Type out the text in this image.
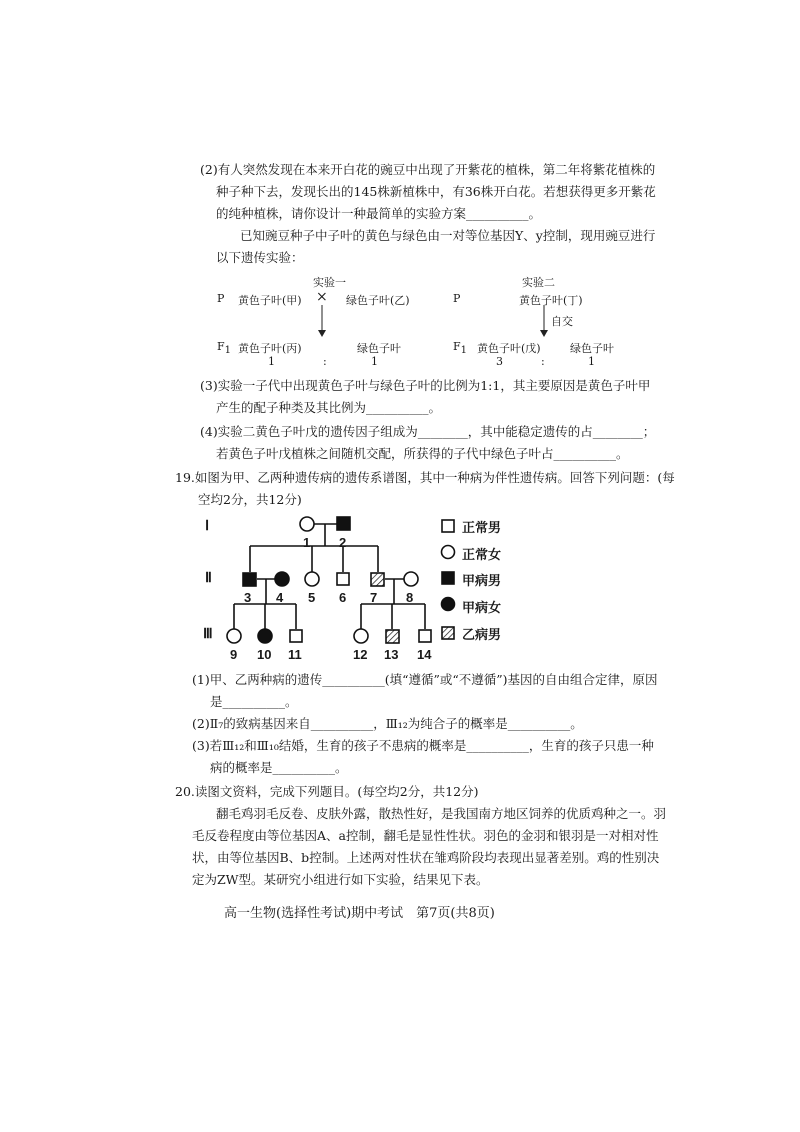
(2)有人突然发现在本来开白花的豌豆中出现了开紫花的植株，第二年将紫花植株的
种子种下去，发现长出的145株新植株中，有36株开白花。若想获得更多开紫花
的纯种植株，请你设计一种最简单的实验方案__________。
已知豌豆种子中子叶的黄色与绿色由一对等位基因Y、y控制，现用豌豆进行
以下遗传实验：
实验一	实验二
P 黄色子叶(甲) × 绿色子叶(乙)	P	黄色子叶(丁)
自交
$F_1$ 黄色子叶(丙)	绿色子叶	$F_1$ 黄色子叶(戊)	绿色子叶
1	:	1	3	:	1
(3)实验一子代中出现黄色子叶与绿色子叶的比例为1:1，其主要原因是黄色子叶甲
产生的配子种类及其比例为__________。
(4)实验二黄色子叶戊的遗传因子组成为________，其中能稳定遗传的占________；
若黄色子叶戊植株之间随机交配，所获得的子代中绿色子叶占__________。
19.如图为甲、乙两种遗传病的遗传系谱图，其中一种病为伴性遗传病。回答下列问题：(每
空均2分，共12分)
Ⅰ
Ⅱ
Ⅲ
1 2
3 4 5 6 7 8
9 10 11	12 13 14
正常男
正常女
甲病男
甲病女
乙病男
(1)甲、乙两种病的遗传__________(填“遵循”或“不遵循”)基因的自由组合定律，原因
是__________。
(2)Ⅱ₇的致病基因来自__________，Ⅲ₁₂为纯合子的概率是__________。
(3)若Ⅲ₁₂和Ⅲ₁₀结婚，生育的孩子不患病的概率是__________，生育的孩子只患一种
病的概率是__________。
20.读图文资料，完成下列题目。(每空均2分，共12分)
翻毛鸡羽毛反卷、皮肤外露，散热性好，是我国南方地区饲养的优质鸡种之一。羽
毛反卷程度由等位基因A、a控制，翻毛是显性性状。羽色的金羽和银羽是一对相对性
状，由等位基因B、b控制。上述两对性状在雏鸡阶段均表现出显著差别。鸡的性别决
定为ZW型。某研究小组进行如下实验，结果见下表。
高一生物(选择性考试)期中考试　第7页(共8页)
